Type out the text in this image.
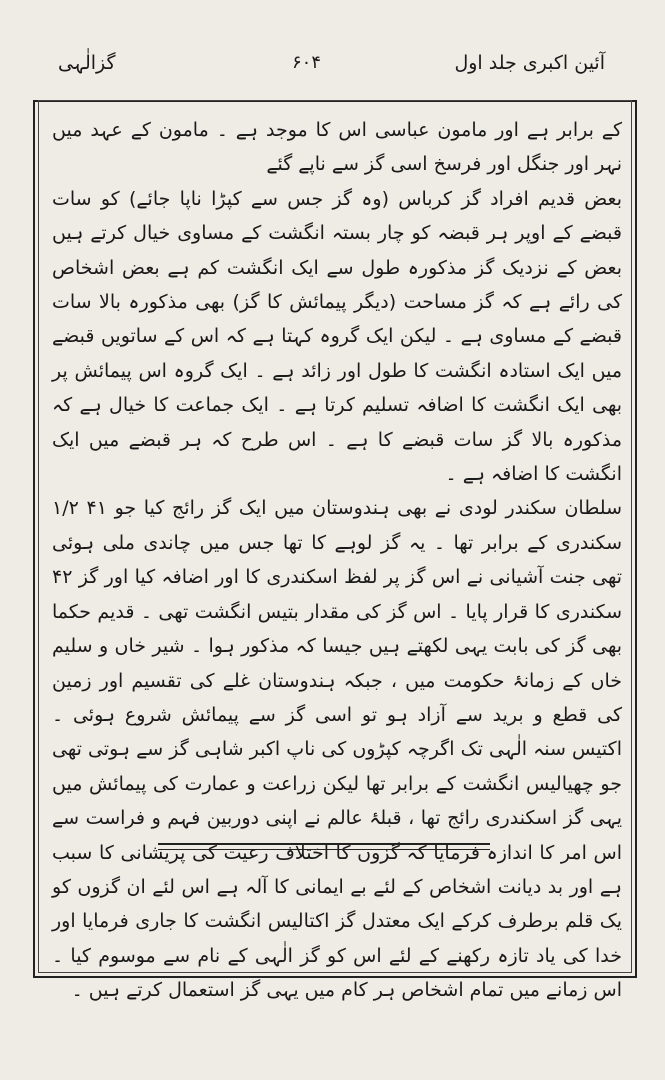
گزالٰہی	۶۰۴	آئین اکبری جلد اول

کے برابر ہے اور مامون عباسی اس کا موجد ہے ۔ مامون کے عہد میں نہر اور جنگل اور فرسخ اسی گز سے ناپے گئے

بعض قدیم افراد گز کرباس (وہ گز جس سے کپڑا ناپا جائے) کو سات قبضے کے اوپر ہر قبضہ کو چار بستہ انگشت کے مساوی خیال کرتے ہیں بعض کے نزدیک گز مذکورہ طول سے ایک انگشت کم ہے بعض اشخاص کی رائے ہے کہ گز مساحت (دیگر پیمائش کا گز) بھی مذکورہ بالا سات قبضے کے مساوی ہے ۔ لیکن ایک گروہ کہتا ہے کہ اس کے ساتویں قبضے میں ایک استادہ انگشت کا طول اور زائد ہے ۔ ایک گروہ اس پیمائش پر بھی ایک انگشت کا اضافہ تسلیم کرتا ہے ۔ ایک جماعت کا خیال ہے کہ مذکورہ بالا گز سات قبضے کا ہے ۔ اس طرح کہ ہر قبضے میں ایک انگشت کا اضافہ ہے ۔

سلطان سکندر لودی نے بھی ہندوستان میں ایک گز رائج کیا جو ۴۱ ۱/۲ سکندری کے برابر تھا ۔ یہ گز لوہے کا تھا جس میں چاندی ملی ہوئی تھی جنت آشیانی نے اس گز پر لفظ اسکندری کا اور اضافہ کیا اور گز ۴۲ سکندری کا قرار پایا ۔ اس گز کی مقدار بتیس انگشت تھی ۔ قدیم حکما بھی گز کی بابت یہی لکھتے ہیں جیسا کہ مذکور ہوا ۔ شیر خاں و سلیم خاں کے زمانۂ حکومت میں ، جبکہ ہندوستان غلے کی تقسیم اور زمین کی قطع و برید سے آزاد ہو تو اسی گز سے پیمائش شروع ہوئی ۔ اکتیس سنہ الٰہی تک اگرچہ کپڑوں کی ناپ اکبر شاہی گز سے ہوتی تھی جو چھیالیس انگشت کے برابر تھا لیکن زراعت و عمارت کی پیمائش میں یہی گز اسکندری رائج تھا ، قبلۂ عالم نے اپنی دوربین فہم و فراست سے اس امر کا اندازہ فرمایا کہ گزوں کا اختلاف رعیت کی پریشانی کا سبب ہے اور بد دیانت اشخاص کے لئے بے ایمانی کا آلہ ہے اس لئے ان گزوں کو یک قلم برطرف کرکے ایک معتدل گز اکتالیس انگشت کا جاری فرمایا اور خدا کی یاد تازہ رکھنے کے لئے اس کو گز الٰہی کے نام سے موسوم کیا ۔ اس زمانے میں تمام اشخاص ہر کام میں یہی گز استعمال کرتے ہیں ۔
